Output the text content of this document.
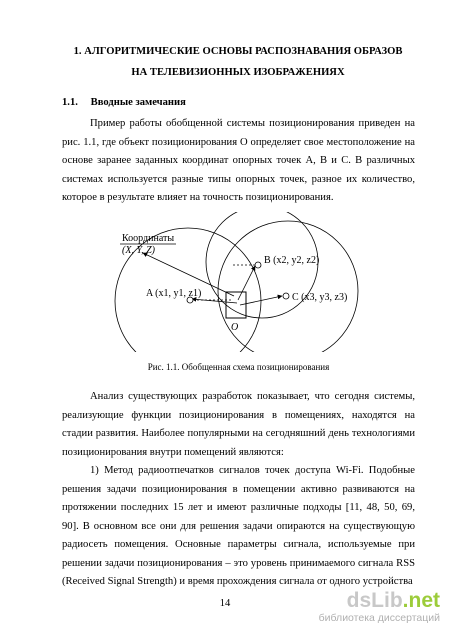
1. АЛГОРИТМИЧЕСКИЕ ОСНОВЫ РАСПОЗНАВАНИЯ ОБРАЗОВ
НА ТЕЛЕВИЗИОННЫХ ИЗОБРАЖЕНИЯХ
1.1. Вводные замечания
Пример работы обобщенной системы позиционирования приведен на
рис. 1.1, где объект позиционирования O определяет свое местоположение на
основе заранее заданных координат опорных точек A, B и C. В различных
системах используется разные типы опорных точек, разное их количество,
которое в результате влияет на точность позиционирования.
Координаты
(X, Y, Z)
A (x1, y1, z1)
B (x2, y2, z2)
C (x3, y3, z3)
O
Рис. 1.1. Обобщенная схема позиционирования
Анализ существующих разработок показывает, что сегодня системы,
реализующие функции позиционирования в помещениях, находятся на
стадии развития. Наиболее популярными на сегодняшний день технологиями
позиционирования внутри помещений являются:
1) Метод радиоотпечатков сигналов точек доступа Wi-Fi. Подобные
решения задачи позиционирования в помещении активно развиваются на
протяжении последних 15 лет и имеют различные подходы [11, 48, 50, 69,
90]. В основном все они для решения задачи опираются на существующую
радиосеть помещения. Основные параметры сигнала, используемые при
решении задачи позиционирования – это уровень принимаемого сигнала RSS
(Received Signal Strength) и время прохождения сигнала от одного устройства
14	dsLib.net
библиотека диссертаций
